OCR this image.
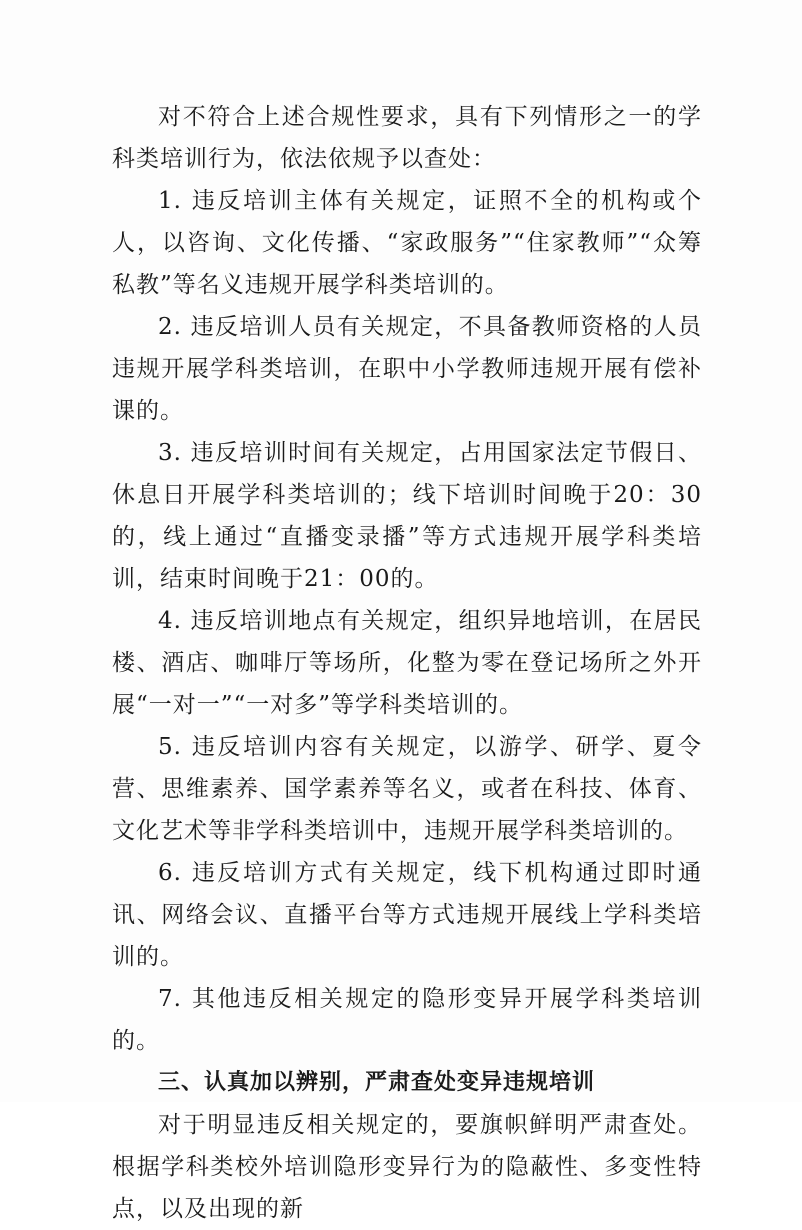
对不符合上述合规性要求，具有下列情形之一的学科类培训行为，依法依规予以查处：

1. 违反培训主体有关规定，证照不全的机构或个人，以咨询、文化传播、“家政服务”“住家教师”“众筹私教”等名义违规开展学科类培训的。

2. 违反培训人员有关规定，不具备教师资格的人员违规开展学科类培训，在职中小学教师违规开展有偿补课的。

3. 违反培训时间有关规定，占用国家法定节假日、休息日开展学科类培训的；线下培训时间晚于20：30的，线上通过“直播变录播”等方式违规开展学科类培训，结束时间晚于21：00的。

4. 违反培训地点有关规定，组织异地培训，在居民楼、酒店、咖啡厅等场所，化整为零在登记场所之外开展“一对一”“一对多”等学科类培训的。

5. 违反培训内容有关规定，以游学、研学、夏令营、思维素养、国学素养等名义，或者在科技、体育、文化艺术等非学科类培训中，违规开展学科类培训的。

6. 违反培训方式有关规定，线下机构通过即时通讯、网络会议、直播平台等方式违规开展线上学科类培训的。

7. 其他违反相关规定的隐形变异开展学科类培训的。

三、认真加以辨别，严肃查处变异违规培训

对于明显违反相关规定的，要旗帜鲜明严肃查处。根据学科类校外培训隐形变异行为的隐蔽性、多变性特点，以及出现的新
